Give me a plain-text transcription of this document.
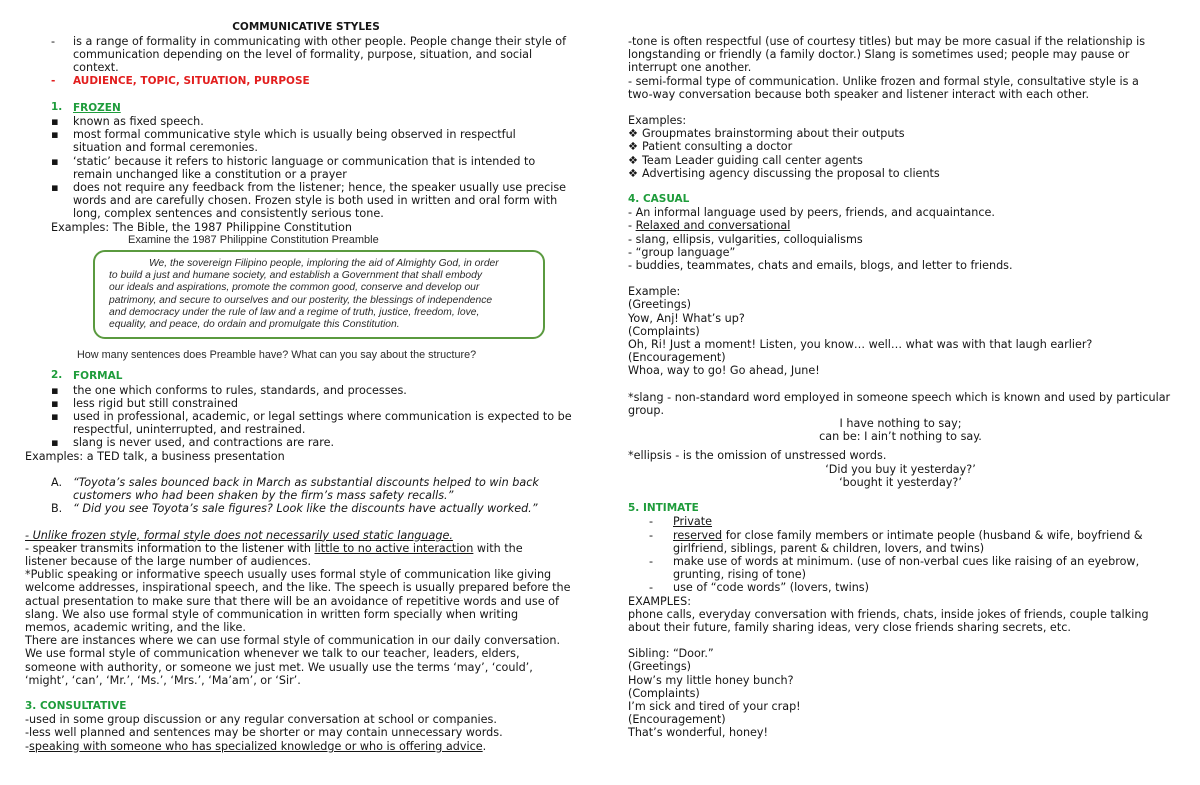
COMMUNICATIVE STYLES
- is a range of formality in communicating with other people. People change their style of
communication depending on the level of formality, purpose, situation, and social
context.
- AUDIENCE, TOPIC, SITUATION, PURPOSE
1. FROZEN
▪ known as fixed speech.
▪ most formal communicative style which is usually being observed in respectful
situation and formal ceremonies.
▪ ‘static’ because it refers to historic language or communication that is intended to
remain unchanged like a constitution or a prayer
▪ does not require any feedback from the listener; hence, the speaker usually use precise
words and are carefully chosen. Frozen style is both used in written and oral form with
long, complex sentences and consistently serious tone.
Examples: The Bible, the 1987 Philippine Constitution
Examine the 1987 Philippine Constitution Preamble
We, the sovereign Filipino people, imploring the aid of Almighty God, in order
to build a just and humane society, and establish a Government that shall embody
our ideals and aspirations, promote the common good, conserve and develop our
patrimony, and secure to ourselves and our posterity, the blessings of independence
and democracy under the rule of law and a regime of truth, justice, freedom, love,
equality, and peace, do ordain and promulgate this Constitution.
How many sentences does Preamble have? What can you say about the structure?
2. FORMAL
▪ the one which conforms to rules, standards, and processes.
▪ less rigid but still constrained
▪ used in professional, academic, or legal settings where communication is expected to be
respectful, uninterrupted, and restrained.
▪ slang is never used, and contractions are rare.
Examples: a TED talk, a business presentation
A. “Toyota’s sales bounced back in March as substantial discounts helped to win back
customers who had been shaken by the firm’s mass safety recalls.”
B. “ Did you see Toyota’s sale figures? Look like the discounts have actually worked.”
- Unlike frozen style, formal style does not necessarily used static language.
- speaker transmits information to the listener with little to no active interaction with the
listener because of the large number of audiences.
*Public speaking or informative speech usually uses formal style of communication like giving
welcome addresses, inspirational speech, and the like. The speech is usually prepared before the
actual presentation to make sure that there will be an avoidance of repetitive words and use of
slang. We also use formal style of communication in written form specially when writing
memos, academic writing, and the like.
There are instances where we can use formal style of communication in our daily conversation.
We use formal style of communication whenever we talk to our teacher, leaders, elders,
someone with authority, or someone we just met. We usually use the terms ‘may’, ‘could’,
‘might’, ‘can’, ‘Mr.’, ‘Ms.’, ‘Mrs.’, ‘Ma’am’, or ‘Sir’.
3. CONSULTATIVE
-used in some group discussion or any regular conversation at school or companies.
-less well planned and sentences may be shorter or may contain unnecessary words.
-speaking with someone who has specialized knowledge or who is offering advice.
-tone is often respectful (use of courtesy titles) but may be more casual if the relationship is
longstanding or friendly (a family doctor.) Slang is sometimes used; people may pause or
interrupt one another.
- semi-formal type of communication. Unlike frozen and formal style, consultative style is a
two-way conversation because both speaker and listener interact with each other.
Examples:
❖ Groupmates brainstorming about their outputs
❖ Patient consulting a doctor
❖ Team Leader guiding call center agents
❖ Advertising agency discussing the proposal to clients
4. CASUAL
- An informal language used by peers, friends, and acquaintance.
- Relaxed and conversational
- slang, ellipsis, vulgarities, colloquialisms
- “group language”
- buddies, teammates, chats and emails, blogs, and letter to friends.
Example:
(Greetings)
Yow, Anj! What’s up?
(Complaints)
Oh, Ri! Just a moment! Listen, you know… well… what was with that laugh earlier?
(Encouragement)
Whoa, way to go! Go ahead, June!
*slang - non-standard word employed in someone speech which is known and used by particular
group.
I have nothing to say;
can be: I ain’t nothing to say.
*ellipsis - is the omission of unstressed words.
‘Did you buy it yesterday?’
‘bought it yesterday?’
5. INTIMATE
- Private
- reserved for close family members or intimate people (husband & wife, boyfriend &
girlfriend, siblings, parent & children, lovers, and twins)
- make use of words at minimum. (use of non-verbal cues like raising of an eyebrow,
grunting, rising of tone)
- use of “code words” (lovers, twins)
EXAMPLES:
phone calls, everyday conversation with friends, chats, inside jokes of friends, couple talking
about their future, family sharing ideas, very close friends sharing secrets, etc.
Sibling: “Door.”
(Greetings)
How’s my little honey bunch?
(Complaints)
I’m sick and tired of your crap!
(Encouragement)
That’s wonderful, honey!
